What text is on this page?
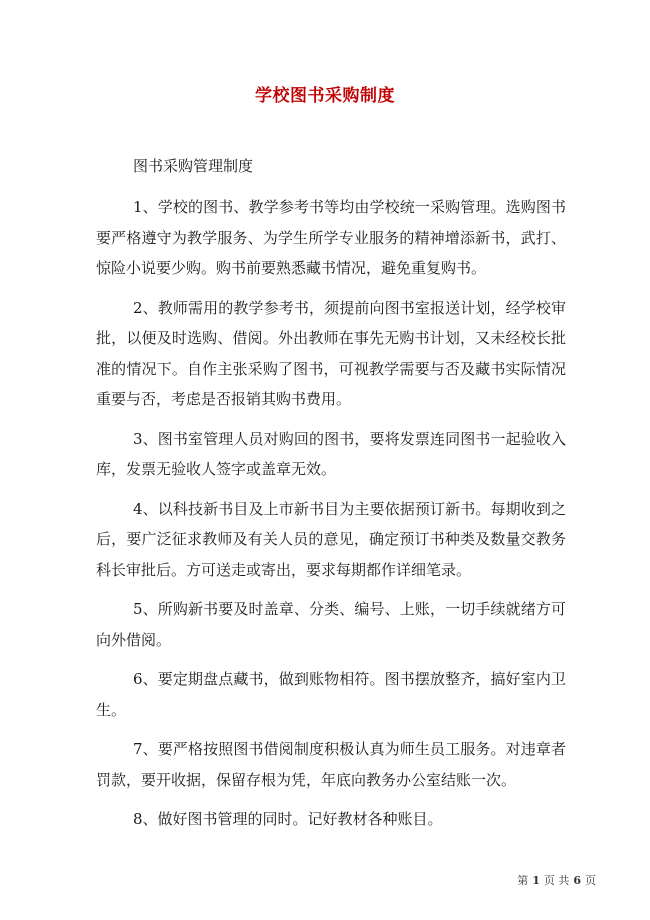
学校图书采购制度

图书采购管理制度

1、学校的图书、教学参考书等均由学校统一采购管理。选购图书要严格遵守为教学服务、为学生所学专业服务的精神增添新书，武打、惊险小说要少购。购书前要熟悉藏书情况，避免重复购书。

2、教师需用的教学参考书，须提前向图书室报送计划，经学校审批，以便及时选购、借阅。外出教师在事先无购书计划，又未经校长批准的情况下。自作主张采购了图书，可视教学需要与否及藏书实际情况重要与否，考虑是否报销其购书费用。

3、图书室管理人员对购回的图书，要将发票连同图书一起验收入库，发票无验收人签字或盖章无效。

4、以科技新书目及上市新书目为主要依据预订新书。每期收到之后，要广泛征求教师及有关人员的意见，确定预订书种类及数量交教务科长审批后。方可送走或寄出，要求每期都作详细笔录。

5、所购新书要及时盖章、分类、编号、上账，一切手续就绪方可向外借阅。

6、要定期盘点藏书，做到账物相符。图书摆放整齐，搞好室内卫生。

7、要严格按照图书借阅制度积极认真为师生员工服务。对违章者罚款，要开收据，保留存根为凭，年底向教务办公室结账一次。

8、做好图书管理的同时。记好教材各种账目。

第 1 页 共 6 页
